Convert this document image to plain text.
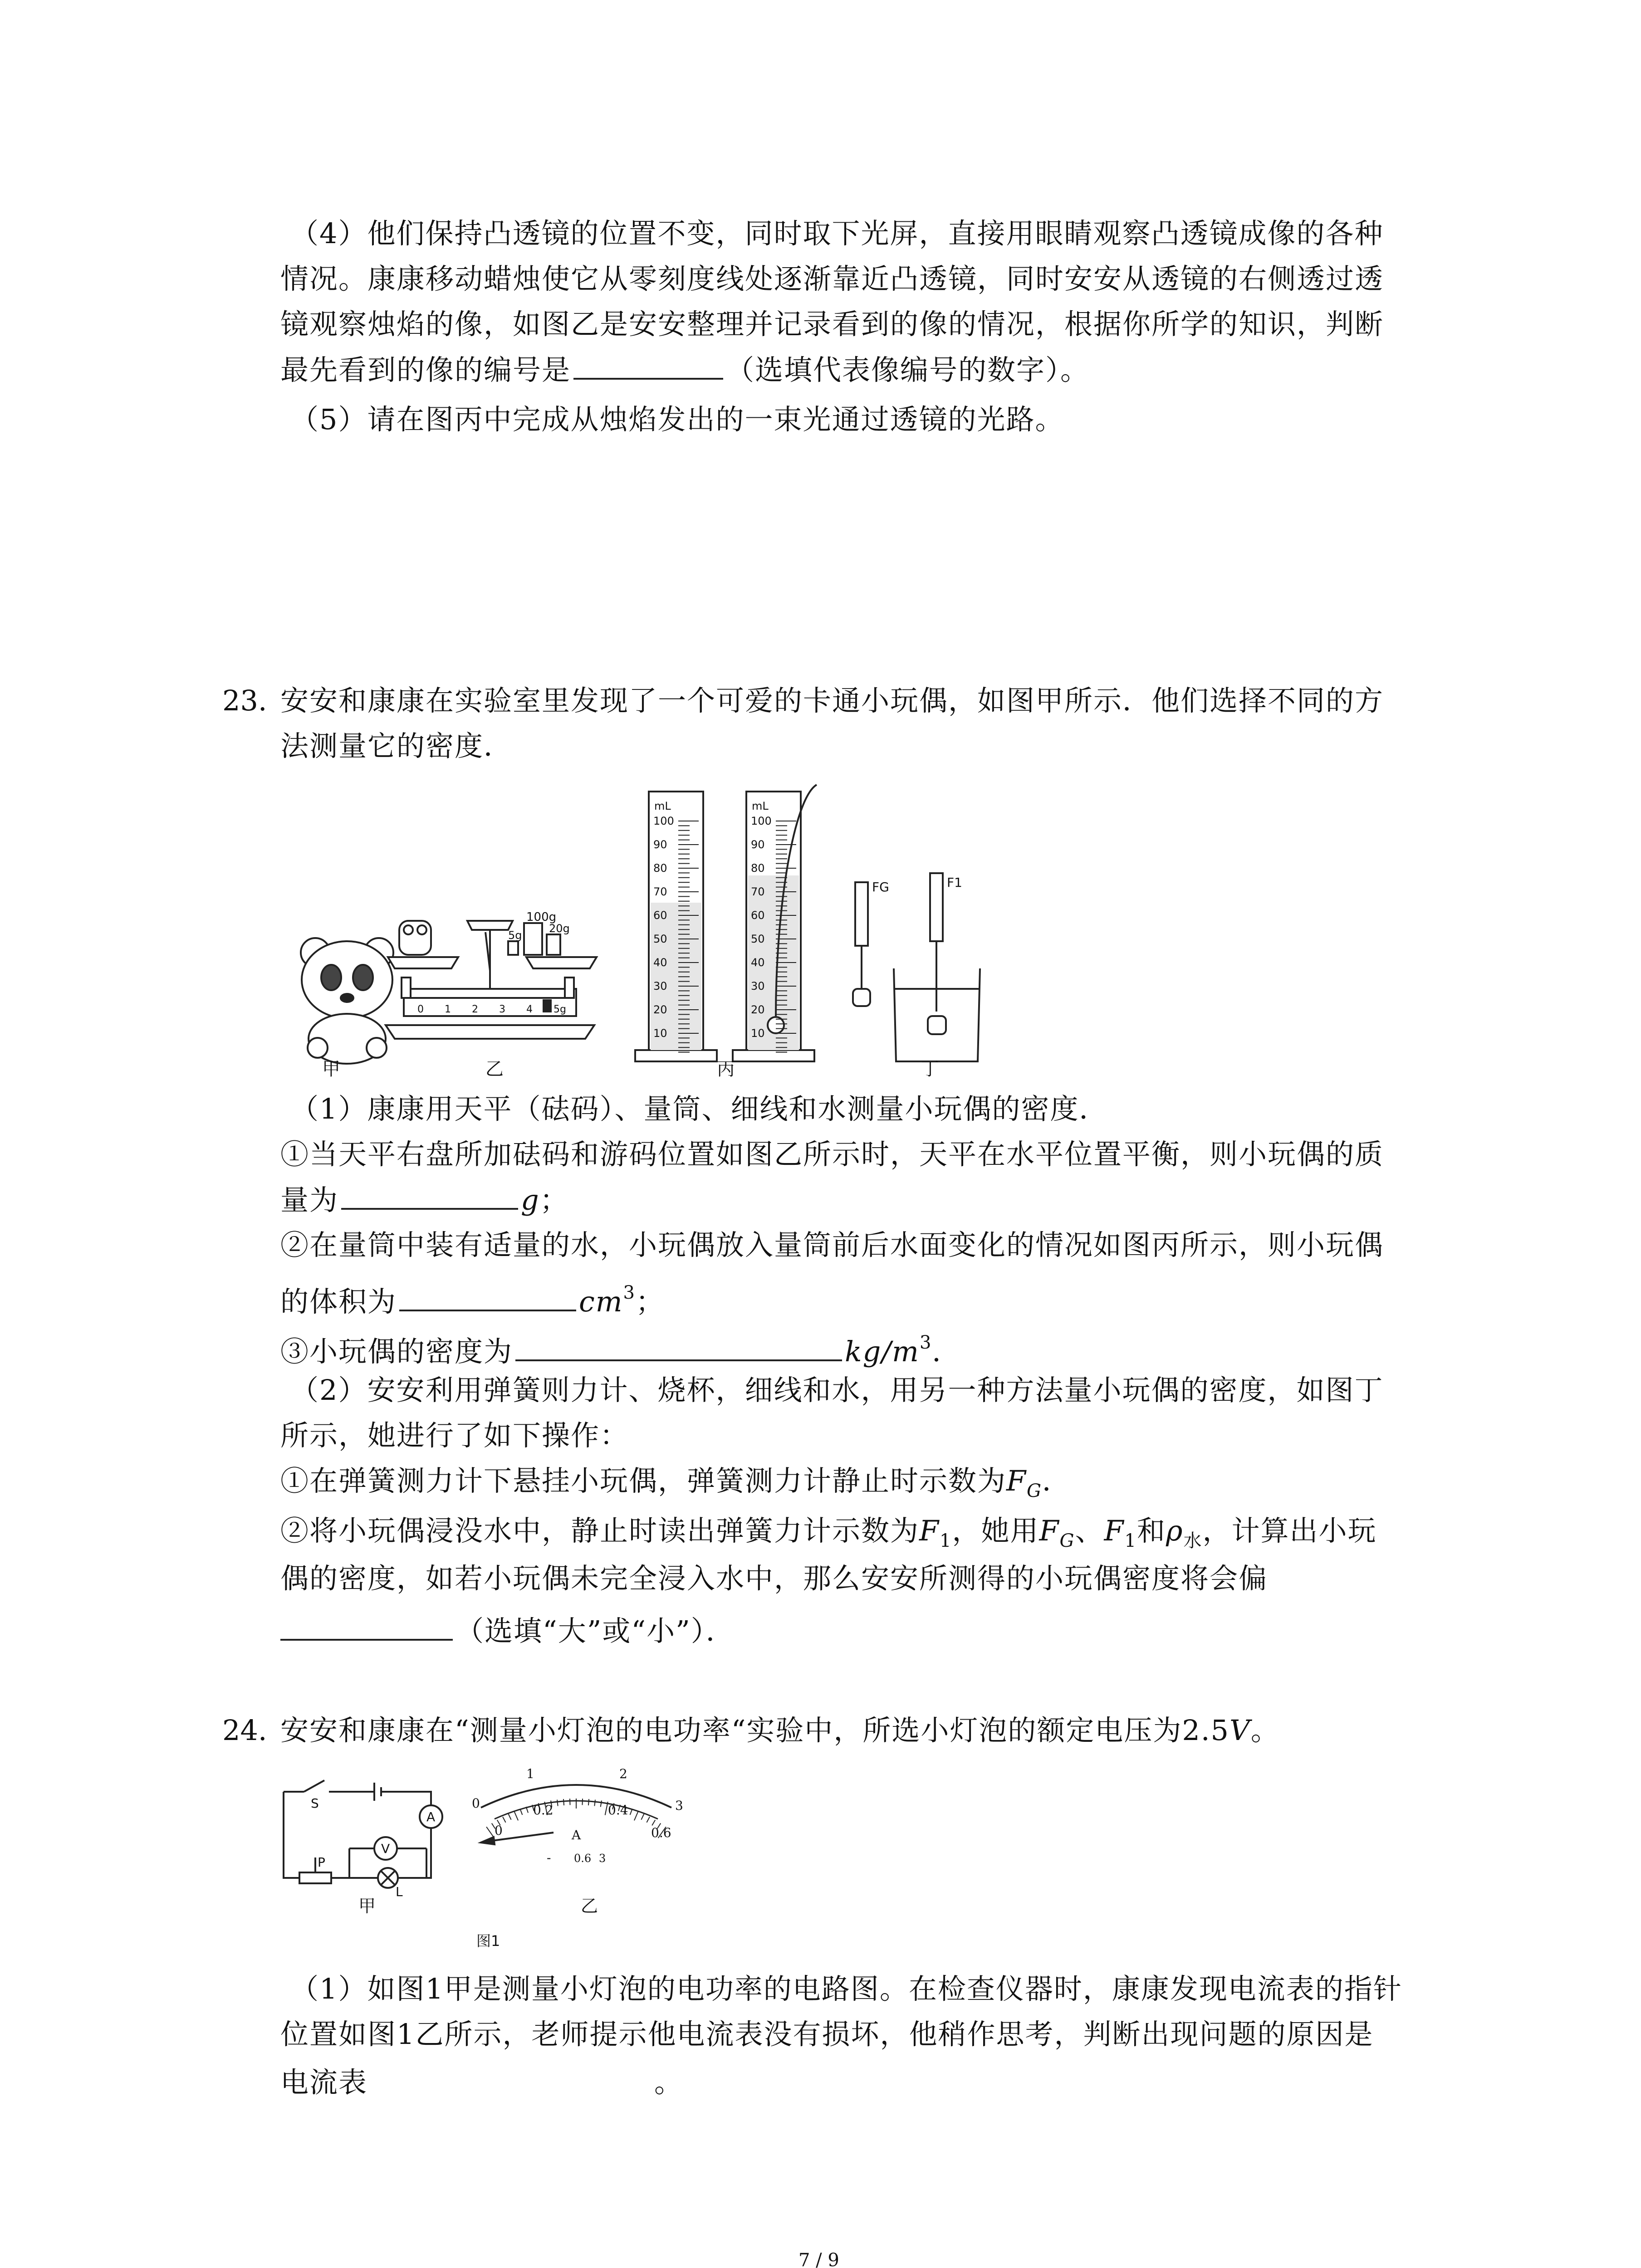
（4）他们保持凸透镜的位置不变，同时取下光屏，直接用眼睛观察凸透镜成像的各种
情况。康康移动蜡烛使它从零刻度线处逐渐靠近凸透镜，同时安安从透镜的右侧透过透
镜观察烛焰的像，如图乙是安安整理并记录看到的像的情况，根据你所学的知识，判断
最先看到的像的编号是	（选填代表像编号的数字）。
（5）请在图丙中完成从烛焰发出的一束光通过透镜的光路。
23. 安安和康康在实验室里发现了一个可爱的卡通小玩偶，如图甲所示．他们选择不同的方
法测量它的密度．
0 1 2 3 4 5g
100g
5g
20g
mL	mL
100
90
80
70
60
50
40
30
20
10
100
90
80
70
60
50
40
30
20
10
FG	F1
甲	乙	丙	丁
（1）康康用天平（砝码）、量筒、细线和水测量小玩偶的密度．
①当天平右盘所加砝码和游码位置如图乙所示时，天平在水平位置平衡，则小玩偶的质
量为	g；
②在量筒中装有适量的水，小玩偶放入量筒前后水面变化的情况如图丙所示，则小玩偶
的体积为	$cm^3$；
③小玩偶的密度为	$kg/m^3$．
（2）安安利用弹簧则力计、烧杯，细线和水，用另一种方法量小玩偶的密度，如图丁
所示，她进行了如下操作：
①在弹簧测力计下悬挂小玩偶，弹簧测力计静止时示数为$F_G$．
②将小玩偶浸没水中，静止时读出弹簧力计示数为$F_1$，她用$F_G$、$F_1$和$\rho_水$，计算出小玩
偶的密度，如若小玩偶未完全浸入水中，那么安安所测得的小玩偶密度将会偏
（选填“大”或“小”）．
24. 安安和康康在“测量小灯泡的电功率“实验中，所选小灯泡的额定电压为2.5V。
S
A
V
P
L
甲	乙
图1
0
1	2
3
0
0.2	0.4
0.6
A
- 0.6 3
（1）如图1甲是测量小灯泡的电功率的电路图。在检查仪器时，康康发现电流表的指针
位置如图1乙所示，老师提示他电流表没有损坏，他稍作思考，判断出现问题的原因是
电流表	。
7 / 9
